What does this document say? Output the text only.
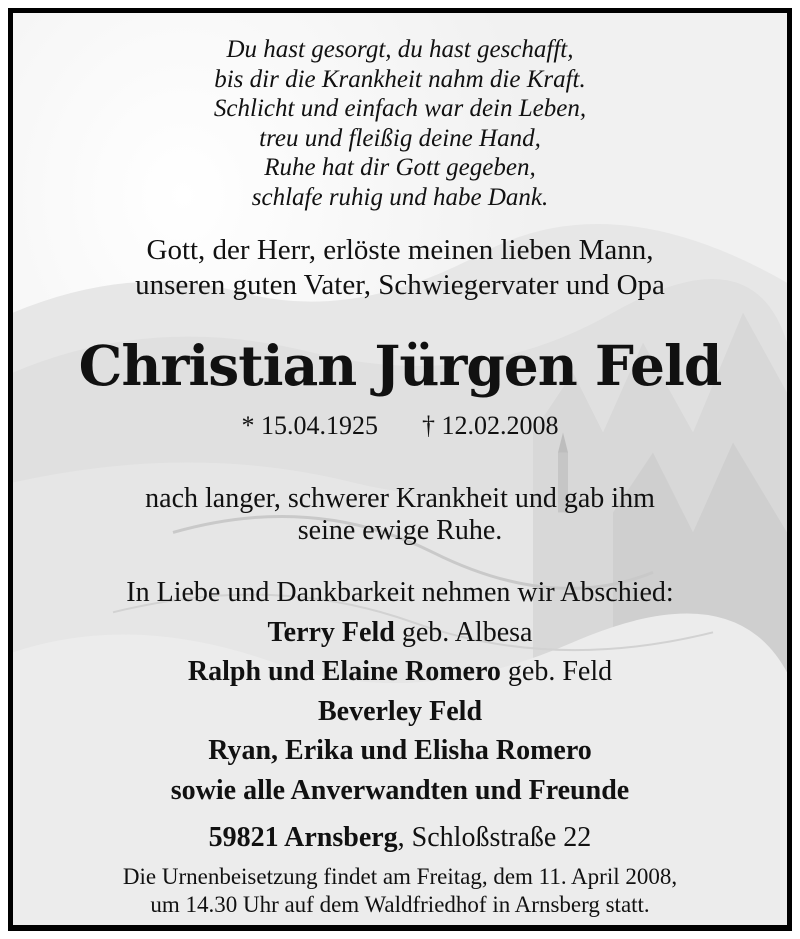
Du hast gesorgt, du hast geschafft,
bis dir die Krankheit nahm die Kraft.
Schlicht und einfach war dein Leben,
treu und fleißig deine Hand,
Ruhe hat dir Gott gegeben,
schlafe ruhig und habe Dank.
Gott, der Herr, erlöste meinen lieben Mann,
unseren guten Vater, Schwiegervater und Opa
Christian Jürgen Feld
* 15.04.1925 † 12.02.2008
nach langer, schwerer Krankheit und gab ihm
seine ewige Ruhe.
In Liebe und Dankbarkeit nehmen wir Abschied:
Terry Feld geb. Albesa
Ralph und Elaine Romero geb. Feld
Beverley Feld
Ryan, Erika und Elisha Romero
sowie alle Anverwandten und Freunde
59821 Arnsberg, Schloßstraße 22
Die Urnenbeisetzung findet am Freitag, dem 11. April 2008,
um 14.30 Uhr auf dem Waldfriedhof in Arnsberg statt.
